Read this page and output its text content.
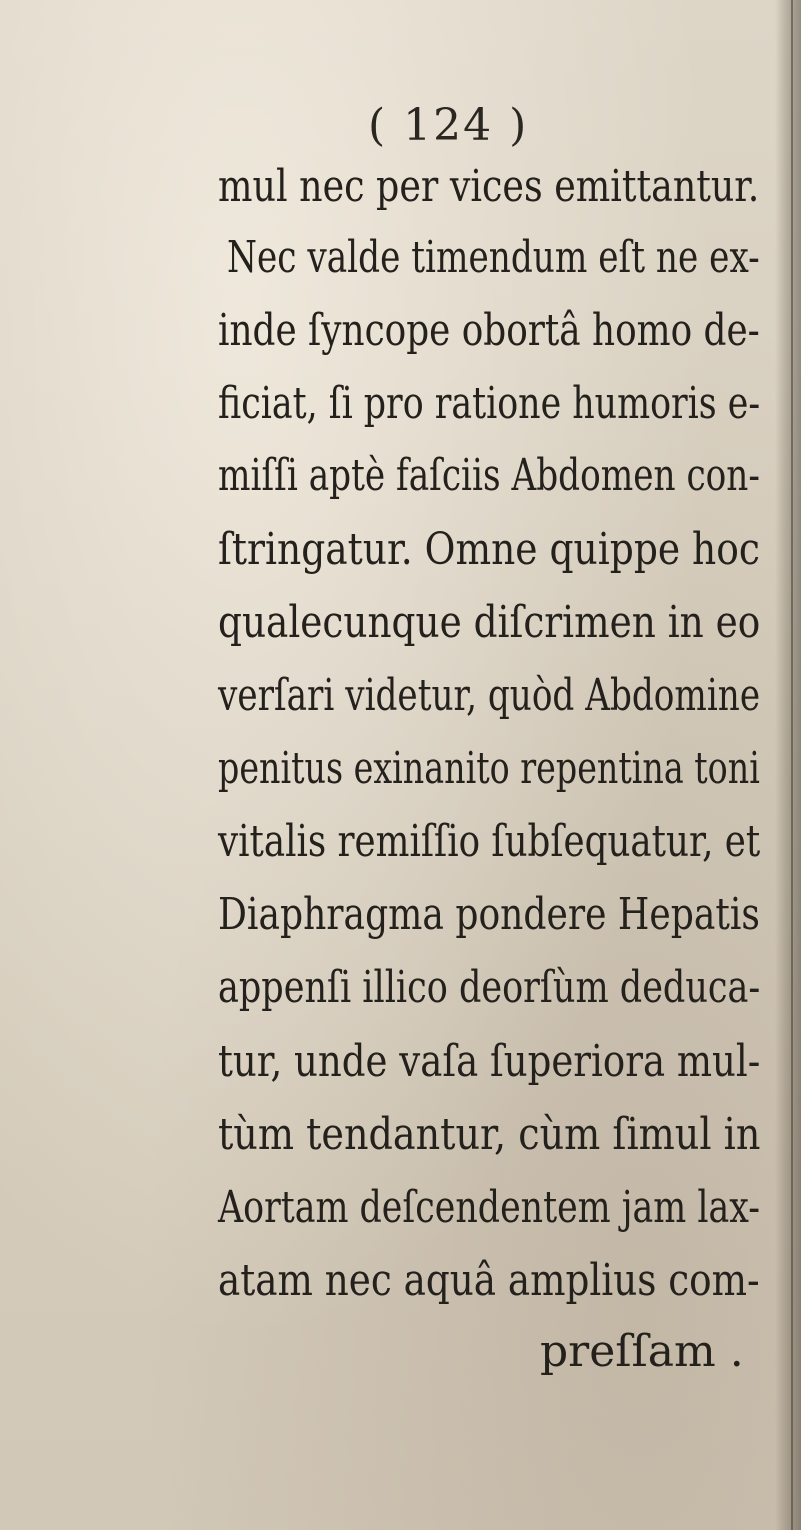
( 124 )
mul nec per vices emittantur.
Nec valde timendum eſt ne ex-
inde ſyncope obortâ homo de-
ficiat, ſi pro ratione humoris e-
miſſi aptè faſciis Abdomen con-
ſtringatur. Omne quippe hoc
qualecunque diſcrimen in eo
verſari videtur, quòd Abdomine
penitus exinanito repentina toni
vitalis remiſſio ſubſequatur, et
Diaphragma pondere Hepatis
appenſi illico deorſùm deduca-
tur, unde vaſa ſuperiora mul-
tùm tendantur, cùm ſimul in
Aortam deſcendentem jam lax-
atam nec aquâ amplius com-
preſſam .
